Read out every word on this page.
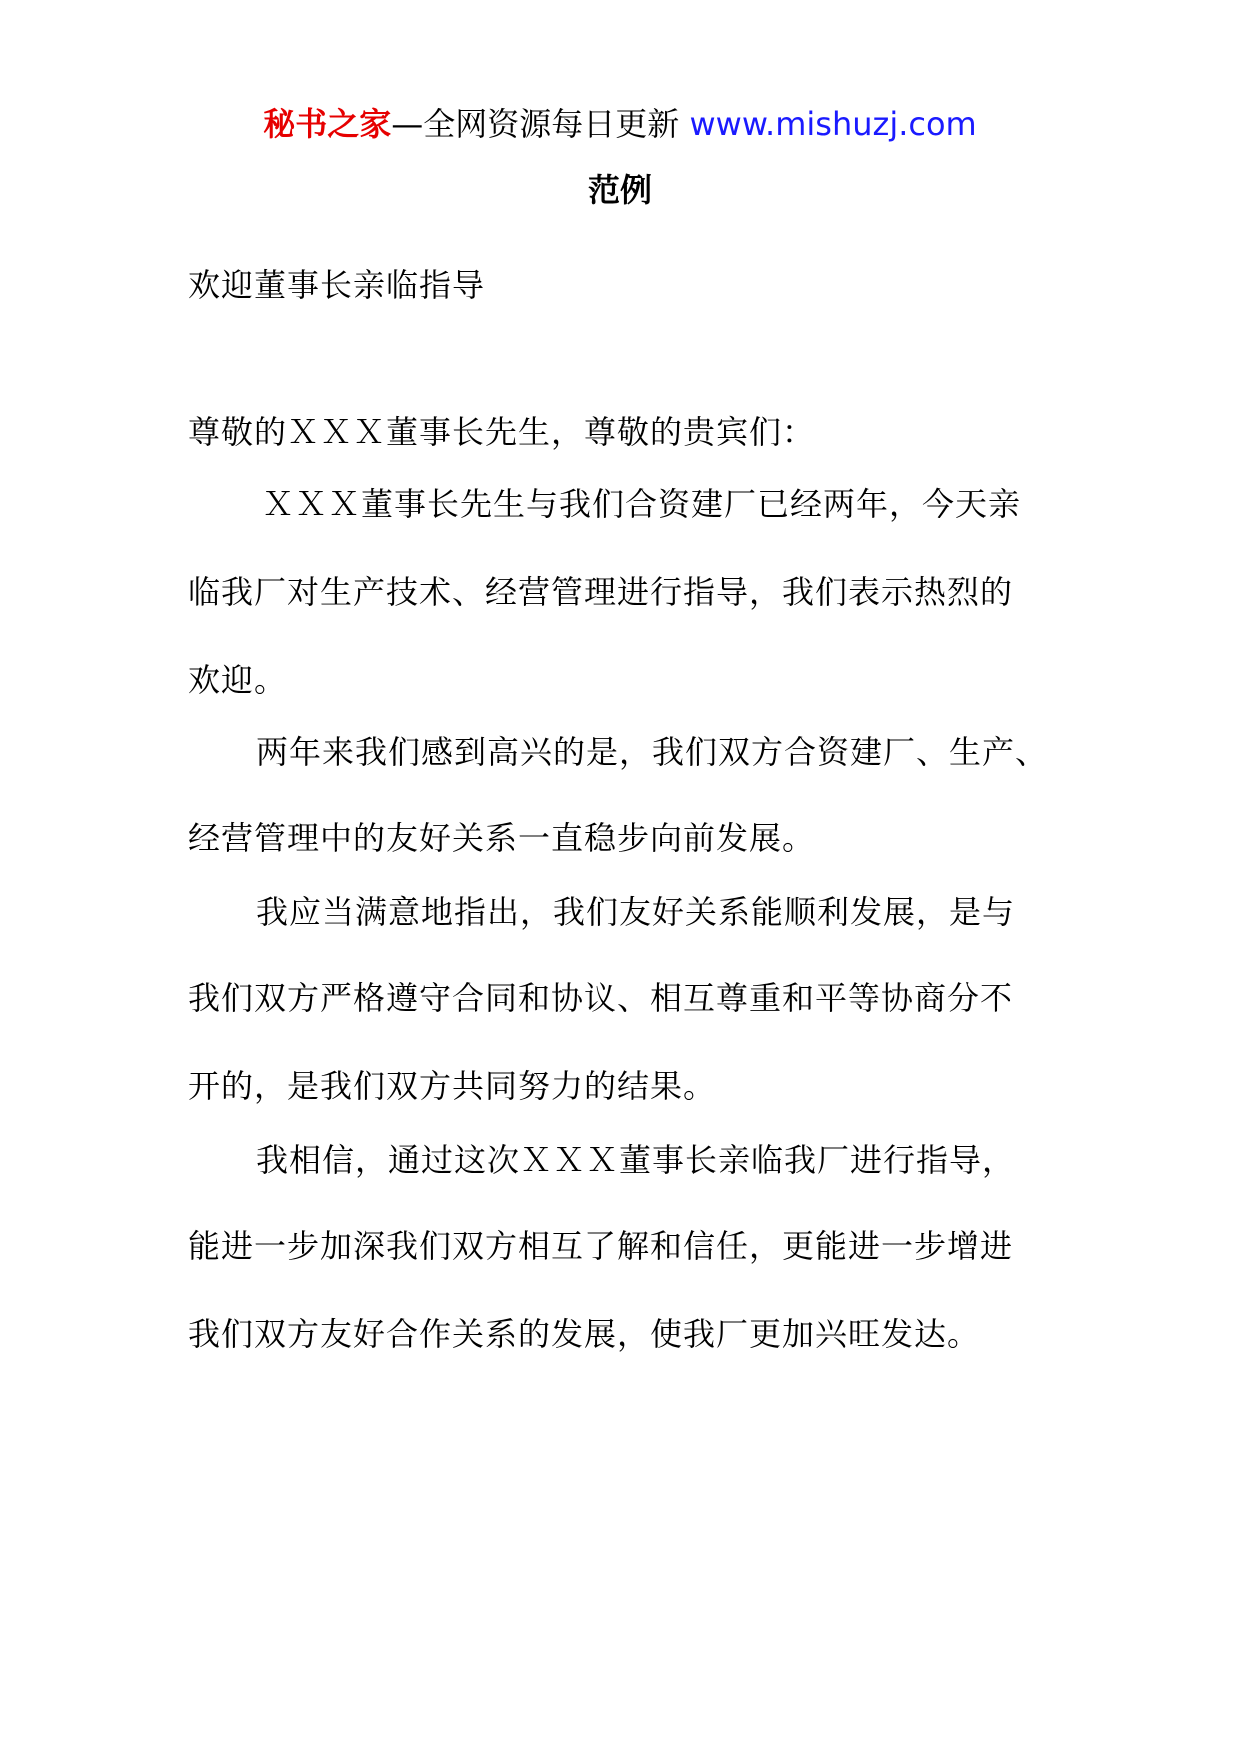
秘书之家—全网资源每日更新 www.mishuzj.com
范例
欢迎董事长亲临指导
尊敬的ＸＸＸ董事长先生，尊敬的贵宾们：
ＸＸＸ董事长先生与我们合资建厂已经两年，今天亲
临我厂对生产技术、经营管理进行指导，我们表示热烈的
欢迎。
两年来我们感到高兴的是，我们双方合资建厂、生产、
经营管理中的友好关系一直稳步向前发展。
我应当满意地指出，我们友好关系能顺利发展，是与
我们双方严格遵守合同和协议、相互尊重和平等协商分不
开的，是我们双方共同努力的结果。
我相信，通过这次ＸＸＸ董事长亲临我厂进行指导，
能进一步加深我们双方相互了解和信任，更能进一步增进
我们双方友好合作关系的发展，使我厂更加兴旺发达。
